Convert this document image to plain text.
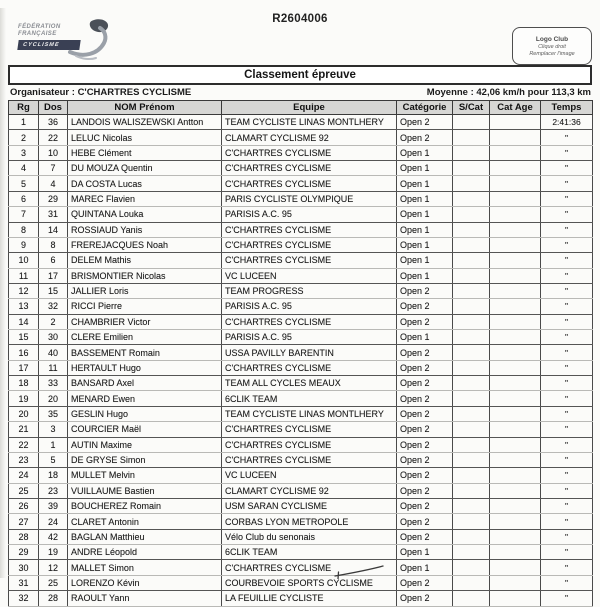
R2604006
FÉDÉRATION
FRANÇAISE
CYCLISME
Logo Club
Clique droit
Remplacer l'image
Classement épreuve
Organisateur : C'CHARTRES CYCLISME	Moyenne : 42,06 km/h pour 113,3 km
Rg	Dos	NOM Prénom	Equipe	Catégorie	S/Cat	Cat Age	Temps
1	36	LANDOIS WALISZEWSKI Antton	TEAM CYCLISTE LINAS MONTLHERY	Open 2			2:41:36
2	22	LELUC Nicolas	CLAMART CYCLISME 92	Open 2			"
3	10	HEBE Clément	C'CHARTRES CYCLISME	Open 1			"
4	7	DU MOUZA Quentin	C'CHARTRES CYCLISME	Open 1			"
5	4	DA COSTA Lucas	C'CHARTRES CYCLISME	Open 1			"
6	29	MAREC Flavien	PARIS CYCLISTE OLYMPIQUE	Open 1			"
7	31	QUINTANA Louka	PARISIS A.C. 95	Open 1			"
8	14	ROSSIAUD Yanis	C'CHARTRES CYCLISME	Open 1			"
9	8	FREREJACQUES Noah	C'CHARTRES CYCLISME	Open 1			"
10	6	DELEM Mathis	C'CHARTRES CYCLISME	Open 1			"
11	17	BRISMONTIER Nicolas	VC LUCEEN	Open 1			"
12	15	JALLIER Loris	TEAM PROGRESS	Open 2			"
13	32	RICCI Pierre	PARISIS A.C. 95	Open 2			"
14	2	CHAMBRIER Victor	C'CHARTRES CYCLISME	Open 2			"
15	30	CLERE Emilien	PARISIS A.C. 95	Open 1			"
16	40	BASSEMENT Romain	USSA PAVILLY BARENTIN	Open 2			"
17	11	HERTAULT Hugo	C'CHARTRES CYCLISME	Open 2			"
18	33	BANSARD Axel	TEAM ALL CYCLES MEAUX	Open 2			"
19	20	MENARD Ewen	6CLIK TEAM	Open 2			"
20	35	GESLIN Hugo	TEAM CYCLISTE LINAS MONTLHERY	Open 2			"
21	3	COURCIER Maël	C'CHARTRES CYCLISME	Open 2			"
22	1	AUTIN Maxime	C'CHARTRES CYCLISME	Open 2			"
23	5	DE GRYSE Simon	C'CHARTRES CYCLISME	Open 2			"
24	18	MULLET Melvin	VC LUCEEN	Open 2			"
25	23	VUILLAUME Bastien	CLAMART CYCLISME 92	Open 2			"
26	39	BOUCHEREZ Romain	USM SARAN CYCLISME	Open 2			"
27	24	CLARET Antonin	CORBAS LYON METROPOLE	Open 2			"
28	42	BAGLAN Matthieu	Vélo Club du senonais	Open 2			"
29	19	ANDRE Léopold	6CLIK TEAM	Open 1			"
30	12	MALLET Simon	C'CHARTRES CYCLISME	Open 1			"
31	25	LORENZO Kévin	COURBEVOIE SPORTS CYCLISME	Open 2			"
32	28	RAOULT Yann	LA FEUILLIE CYCLISTE	Open 2			"
